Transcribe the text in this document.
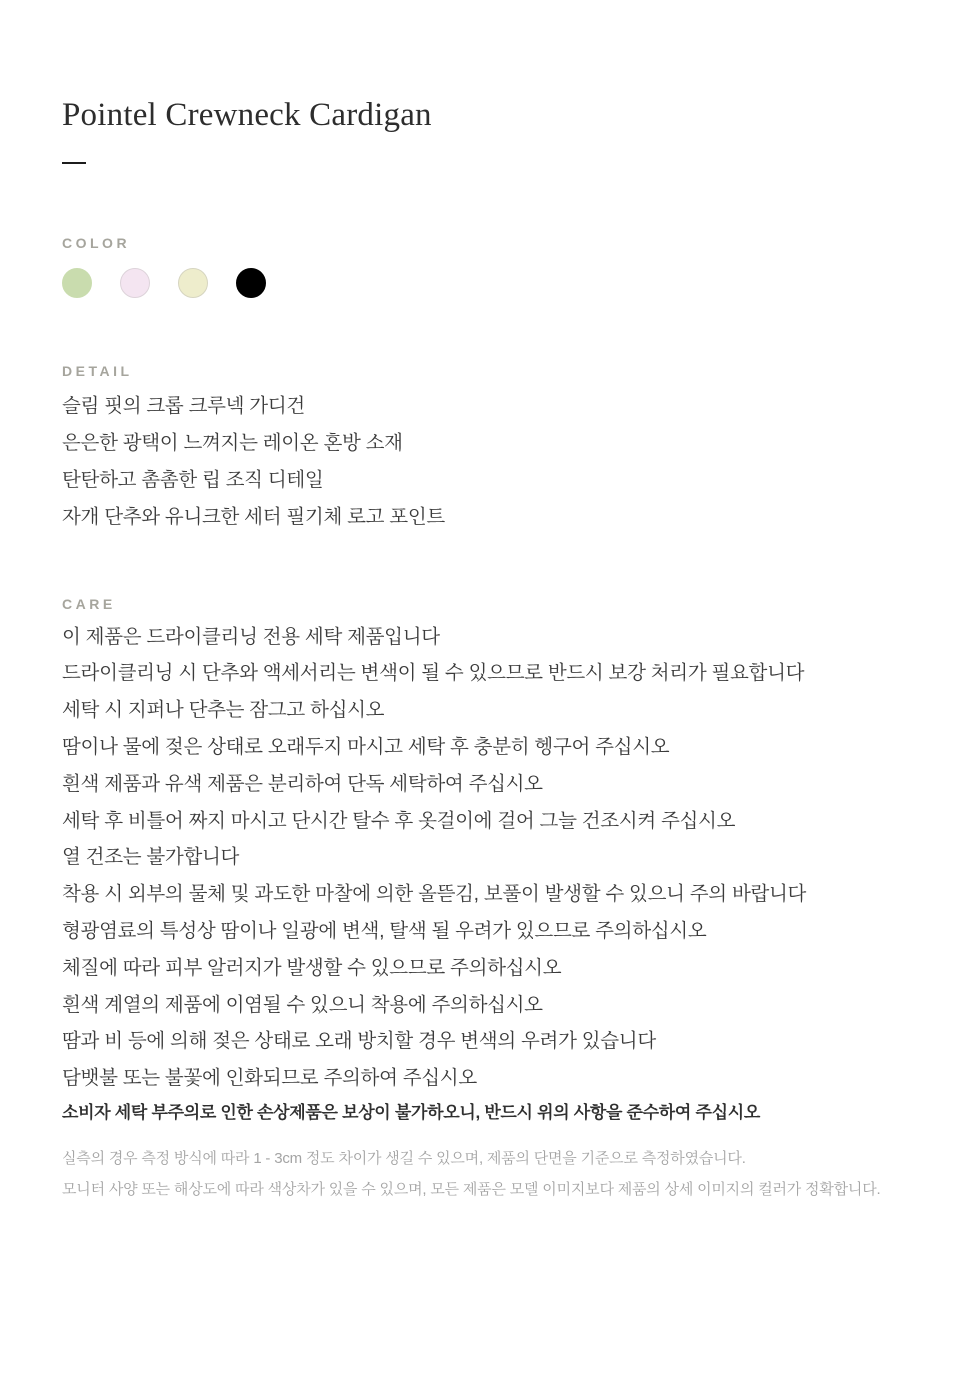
Pointel Crewneck Cardigan
COLOR
DETAIL
슬림 핏의 크롭 크루넥 가디건
은은한 광택이 느껴지는 레이온 혼방 소재
탄탄하고 촘촘한 립 조직 디테일
자개 단추와 유니크한 세터 필기체 로고 포인트
CARE
이 제품은 드라이클리닝 전용 세탁 제품입니다
드라이클리닝 시 단추와 액세서리는 변색이 될 수 있으므로 반드시 보강 처리가 필요합니다
세탁 시 지퍼나 단추는 잠그고 하십시오
땀이나 물에 젖은 상태로 오래두지 마시고 세탁 후 충분히 헹구어 주십시오
흰색 제품과 유색 제품은 분리하여 단독 세탁하여 주십시오
세탁 후 비틀어 짜지 마시고 단시간 탈수 후 옷걸이에 걸어 그늘 건조시켜 주십시오
열 건조는 불가합니다
착용 시 외부의 물체 및 과도한 마찰에 의한 올뜯김, 보풀이 발생할 수 있으니 주의 바랍니다
형광염료의 특성상 땀이나 일광에 변색, 탈색 될 우려가 있으므로 주의하십시오
체질에 따라 피부 알러지가 발생할 수 있으므로 주의하십시오
흰색 계열의 제품에 이염될 수 있으니 착용에 주의하십시오
땀과 비 등에 의해 젖은 상태로 오래 방치할 경우 변색의 우려가 있습니다
담뱃불 또는 불꽃에 인화되므로 주의하여 주십시오

소비자 세탁 부주의로 인한 손상제품은 보상이 불가하오니, 반드시 위의 사항을 준수하여 주십시오

실측의 경우 측정 방식에 따라 1 - 3cm 정도 차이가 생길 수 있으며, 제품의 단면을 기준으로 측정하였습니다.
모니터 사양 또는 해상도에 따라 색상차가 있을 수 있으며, 모든 제품은 모델 이미지보다 제품의 상세 이미지의 컬러가 정확합니다.
